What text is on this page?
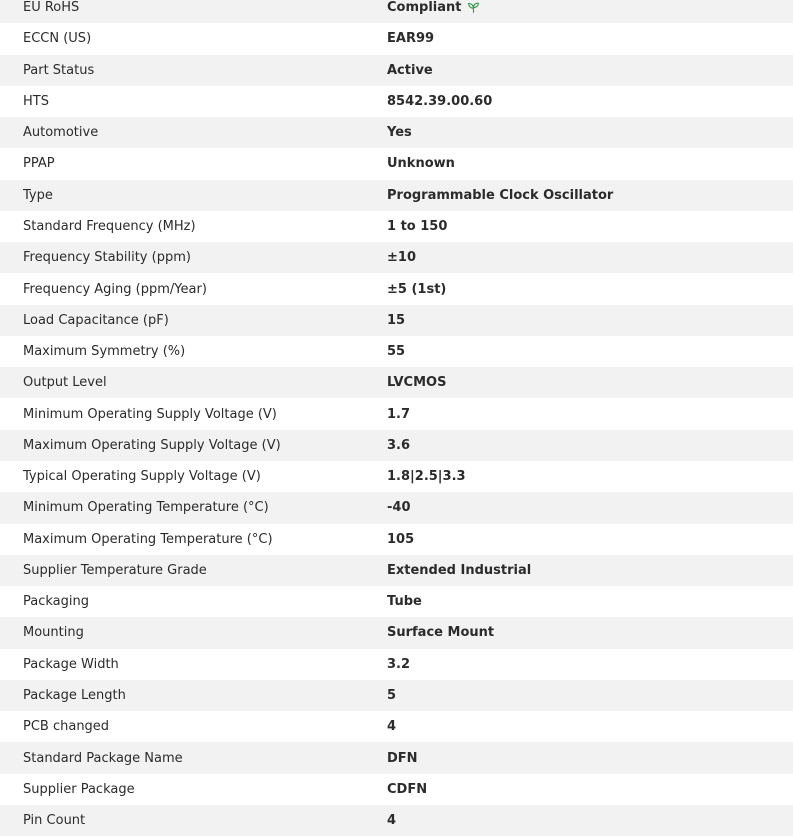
EU RoHS	Compliant
ECCN (US)	EAR99
Part Status	Active
HTS	8542.39.00.60
Automotive	Yes
PPAP	Unknown
Type	Programmable Clock Oscillator
Standard Frequency (MHz)	1 to 150
Frequency Stability (ppm)	±10
Frequency Aging (ppm/Year)	±5 (1st)
Load Capacitance (pF)	15
Maximum Symmetry (%)	55
Output Level	LVCMOS
Minimum Operating Supply Voltage (V)	1.7
Maximum Operating Supply Voltage (V)	3.6
Typical Operating Supply Voltage (V)	1.8|2.5|3.3
Minimum Operating Temperature (°C)	-40
Maximum Operating Temperature (°C)	105
Supplier Temperature Grade	Extended Industrial
Packaging	Tube
Mounting	Surface Mount
Package Width	3.2
Package Length	5
PCB changed	4
Standard Package Name	DFN
Supplier Package	CDFN
Pin Count	4
